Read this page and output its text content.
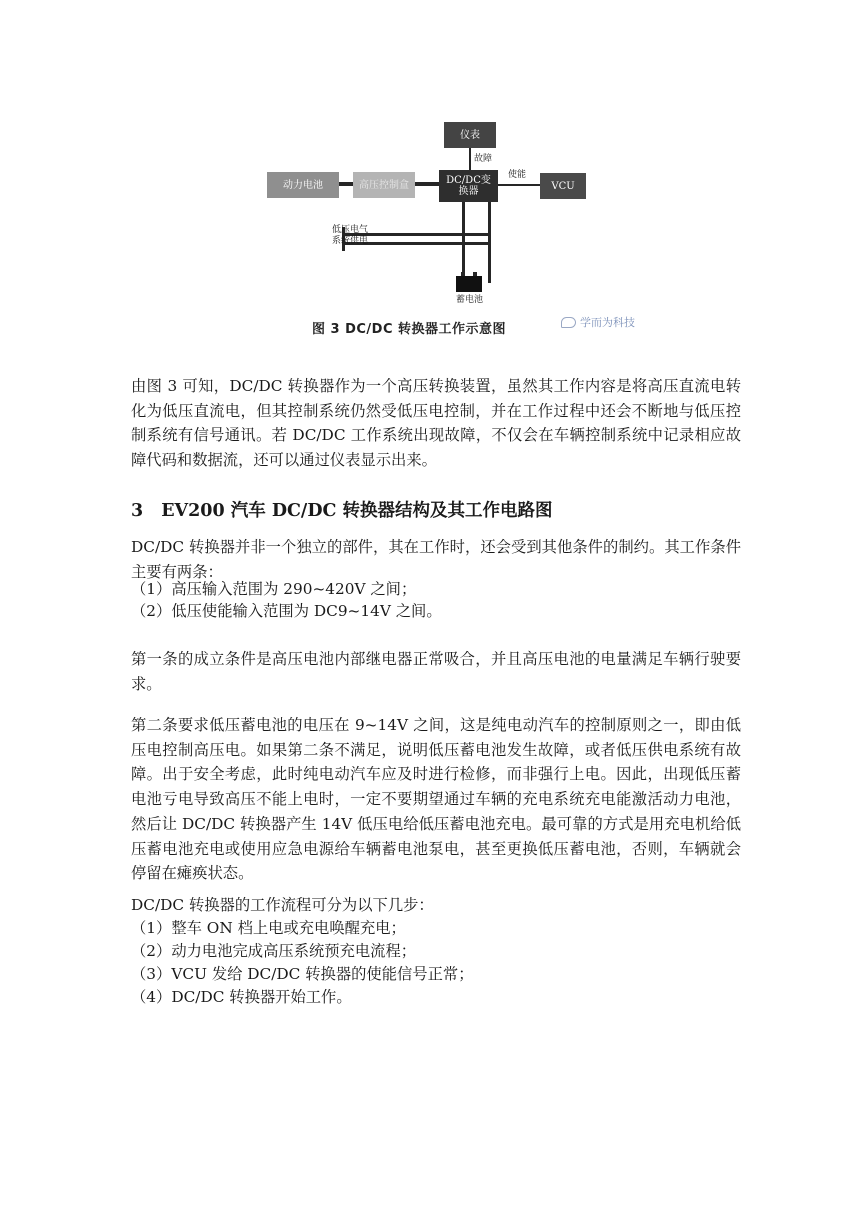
仪表
动力电池	高压控制盒	DC/DC变换器	VCU
故障
使能
低压电气
系统供电
蓄电池
图 3 DC/DC 转换器工作示意图	学而为科技

由图 3 可知，DC/DC 转换器作为一个高压转换装置，虽然其工作内容是将高压直流电转化为低压直流电，但其控制系统仍然受低压电控制，并在工作过程中还会不断地与低压控制系统有信号通讯。若 DC/DC 工作系统出现故障，不仅会在车辆控制系统中记录相应故障代码和数据流，还可以通过仪表显示出来。

3 EV200 汽车 DC/DC 转换器结构及其工作电路图

DC/DC 转换器并非一个独立的部件，其在工作时，还会受到其他条件的制约。其工作条件主要有两条：

（1）高压输入范围为 290~420V 之间；

（2）低压使能输入范围为 DC9~14V 之间。

第一条的成立条件是高压电池内部继电器正常吸合，并且高压电池的电量满足车辆行驶要求。

第二条要求低压蓄电池的电压在 9~14V 之间，这是纯电动汽车的控制原则之一，即由低压电控制高压电。如果第二条不满足，说明低压蓄电池发生故障，或者低压供电系统有故障。出于安全考虑，此时纯电动汽车应及时进行检修，而非强行上电。因此，出现低压蓄电池亏电导致高压不能上电时，一定不要期望通过车辆的充电系统充电能激活动力电池，然后让 DC/DC 转换器产生 14V 低压电给低压蓄电池充电。最可靠的方式是用充电机给低压蓄电池充电或使用应急电源给车辆蓄电池泵电，甚至更换低压蓄电池，否则，车辆就会停留在瘫痪状态。

DC/DC 转换器的工作流程可分为以下几步：

（1）整车 ON 档上电或充电唤醒充电；

（2）动力电池完成高压系统预充电流程；

（3）VCU 发给 DC/DC 转换器的使能信号正常；

（4）DC/DC 转换器开始工作。
